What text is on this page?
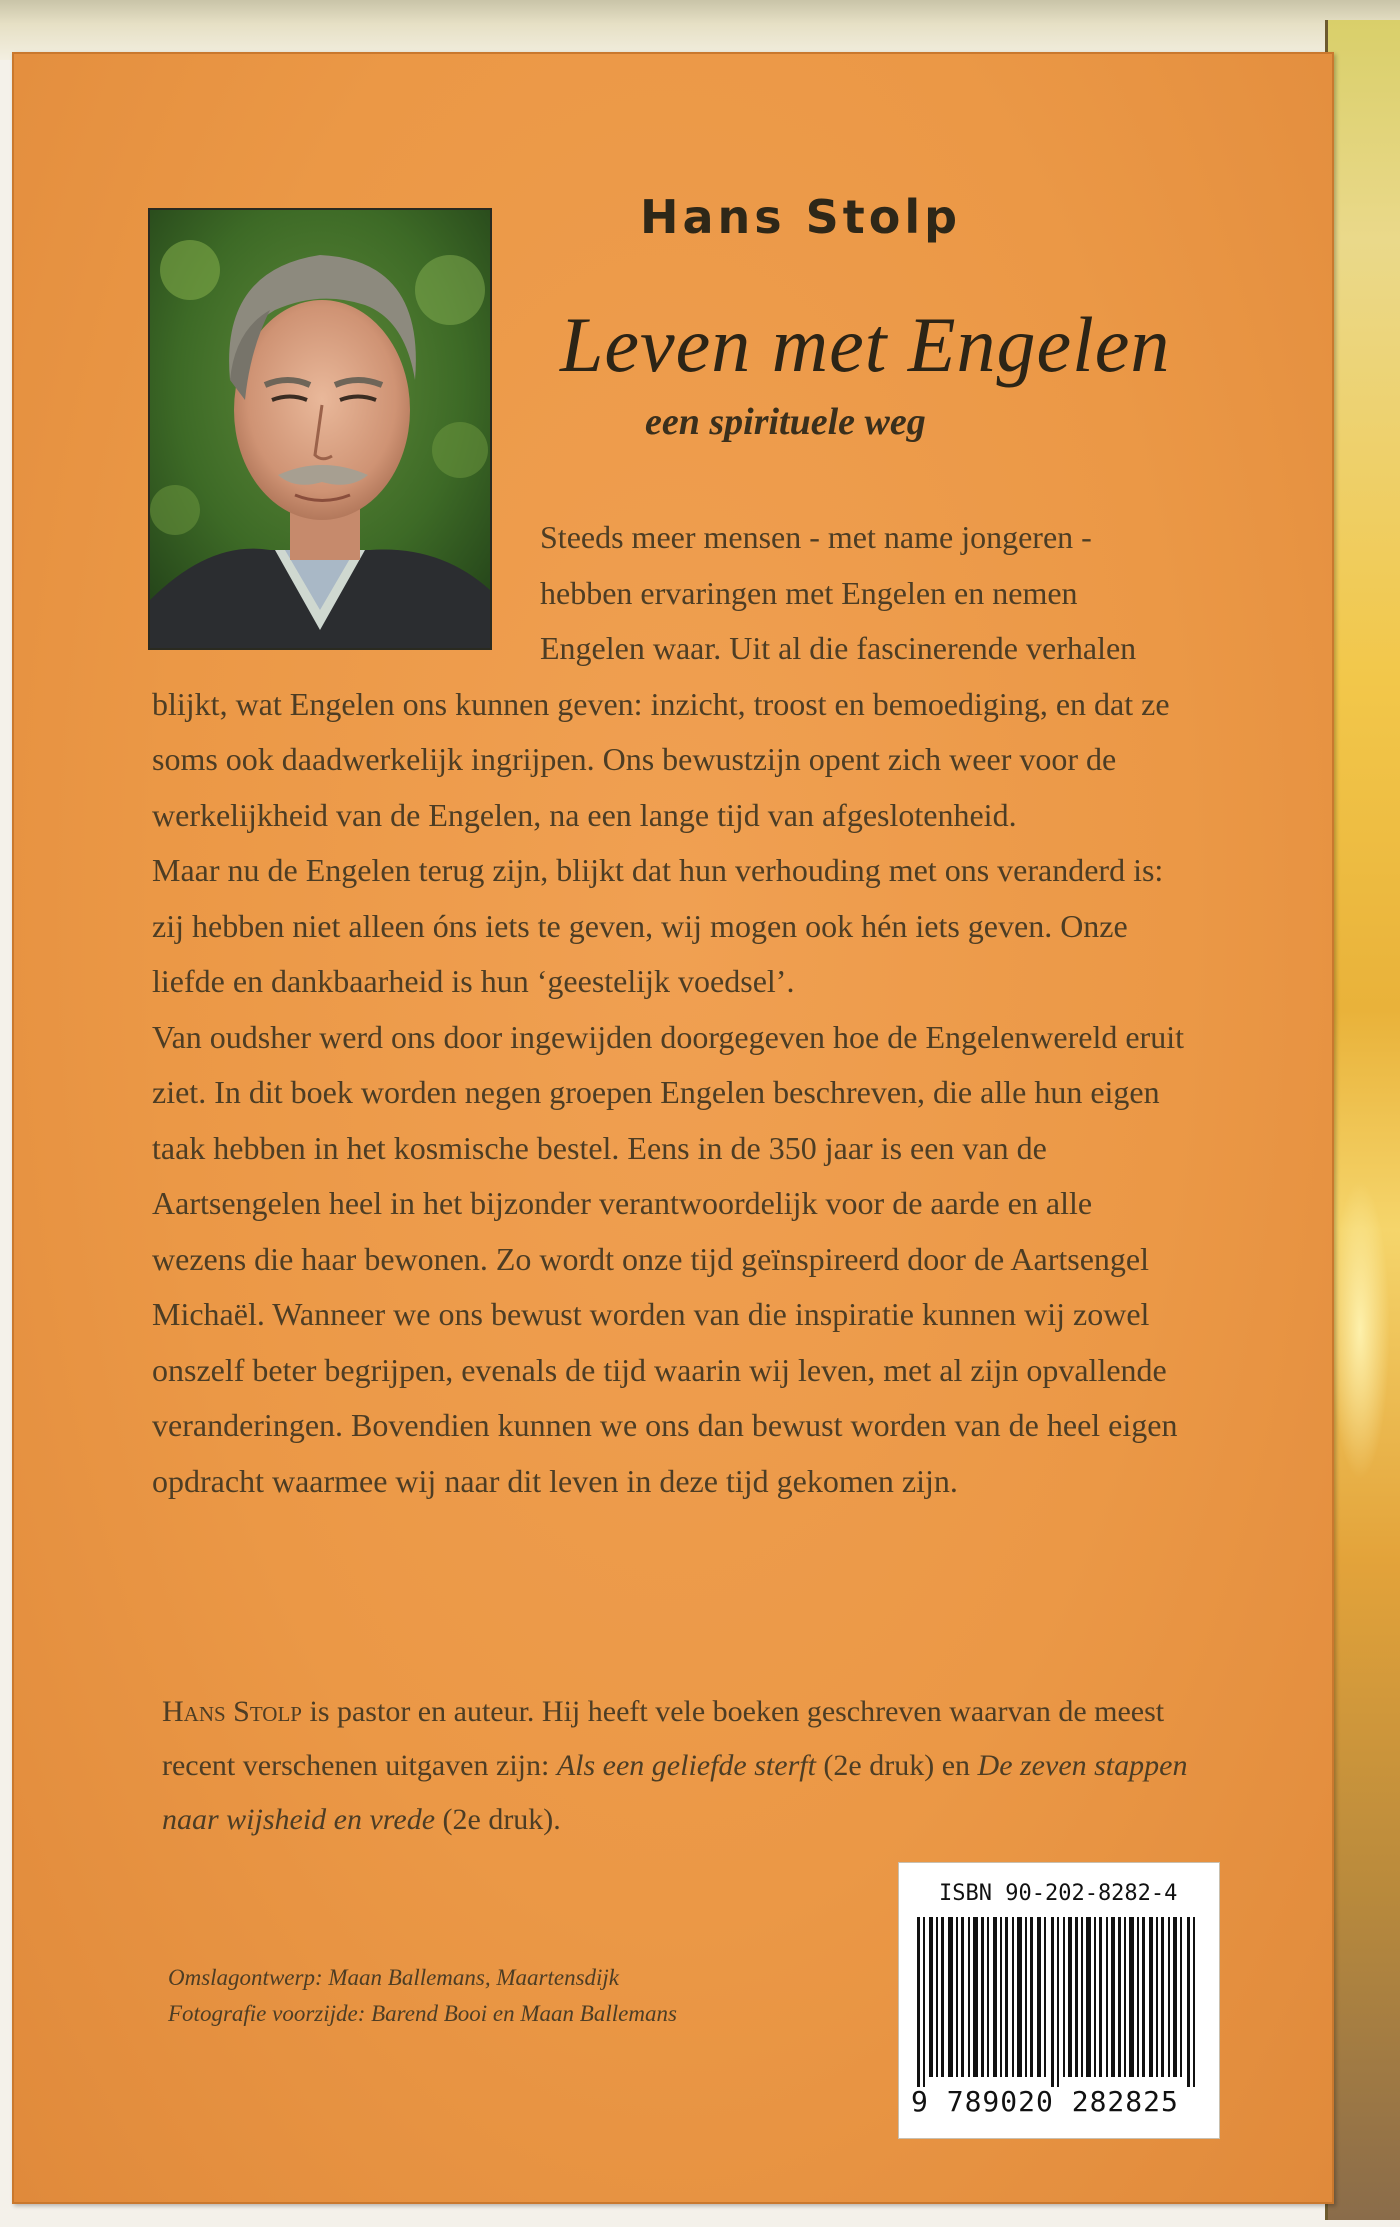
Hans Stolp
Leven met Engelen
een spirituele weg

Steeds meer mensen - met name jongeren - hebben ervaringen met Engelen en nemen Engelen waar. Uit al die fascinerende verhalen blijkt, wat Engelen ons kunnen geven: inzicht, troost en bemoediging, en dat ze soms ook daadwerkelijk ingrijpen. Ons bewustzijn opent zich weer voor de werkelijkheid van de Engelen, na een lange tijd van afgeslotenheid.

Maar nu de Engelen terug zijn, blijkt dat hun verhouding met ons veranderd is: zij hebben niet alleen óns iets te geven, wij mogen ook hén iets geven. Onze liefde en dankbaarheid is hun ‘geestelijk voedsel’.

Van oudsher werd ons door ingewijden doorgegeven hoe de Engelenwereld eruit ziet. In dit boek worden negen groepen Engelen beschreven, die alle hun eigen taak hebben in het kosmische bestel. Eens in de 350 jaar is een van de Aartsengelen heel in het bijzonder verantwoordelijk voor de aarde en alle wezens die haar bewonen. Zo wordt onze tijd geïnspireerd door de Aartsengel Michaël. Wanneer we ons bewust worden van die inspiratie kunnen wij zowel onszelf beter begrijpen, evenals de tijd waarin wij leven, met al zijn opvallende veranderingen. Bovendien kunnen we ons dan bewust worden van de heel eigen opdracht waarmee wij naar dit leven in deze tijd gekomen zijn.

Hans Stolp is pastor en auteur. Hij heeft vele boeken geschreven waarvan de meest recent verschenen uitgaven zijn: Als een geliefde sterft (2e druk) en De zeven stappen naar wijsheid en vrede (2e druk).

Omslagontwerp: Maan Ballemans, Maartensdijk
Fotografie voorzijde: Barend Booi en Maan Ballemans
ISBN 90-202-8282-4
9 789020 282825
